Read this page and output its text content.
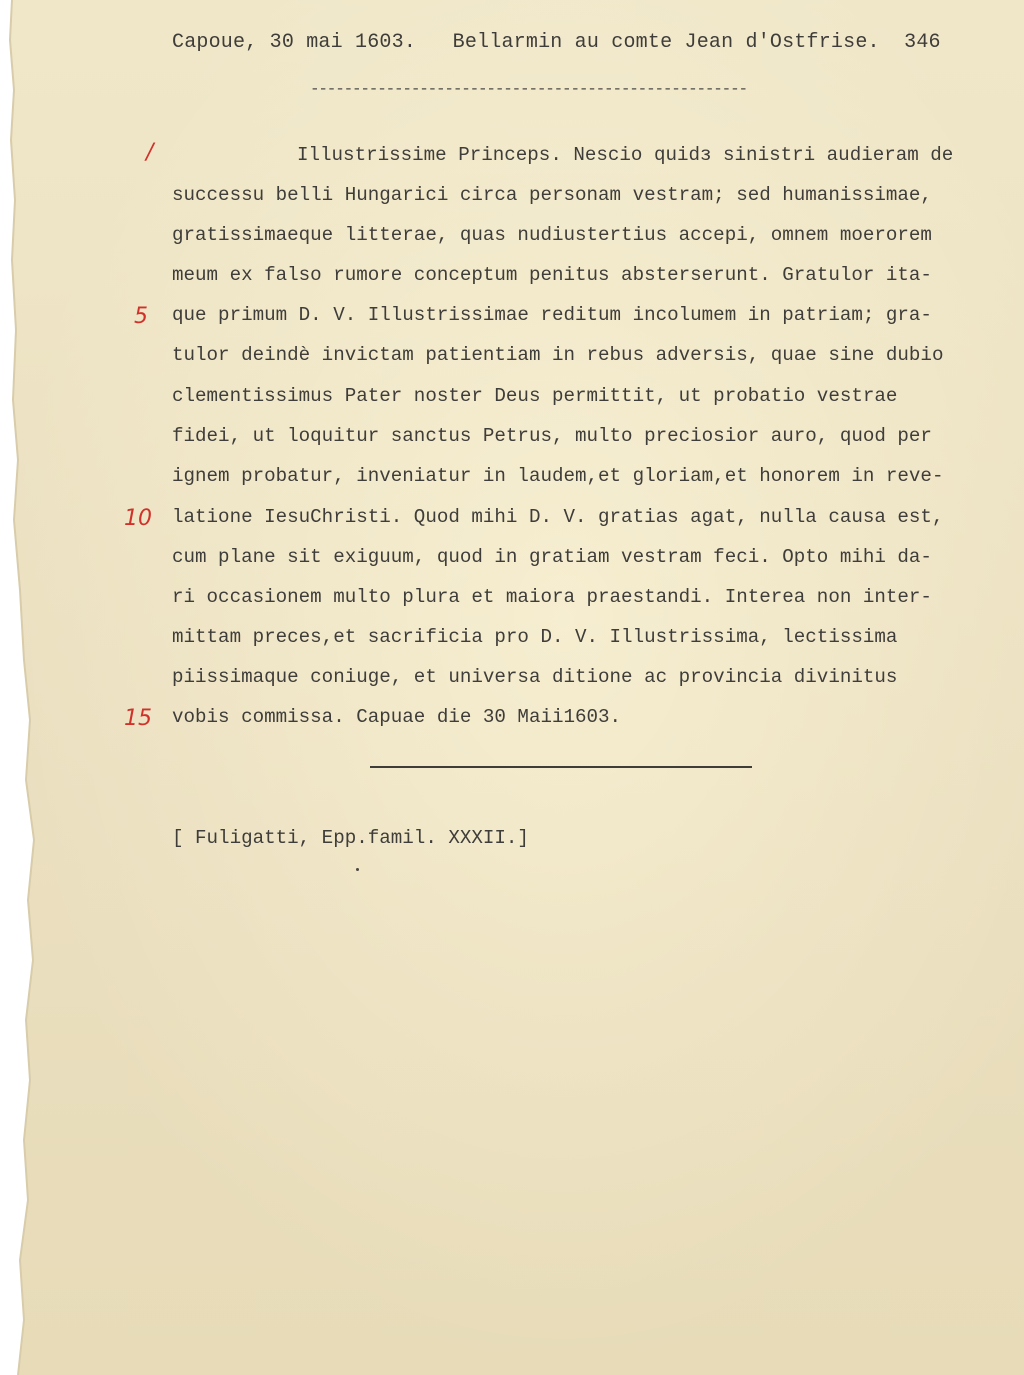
Capoue, 30 mai 1603. Bellarmin au comte Jean d'Ostfrise. 346
----------------------------------------------------
Illustrissime Princeps. Nescio quidз sinistri audieram de
successu belli Hungarici circa personam vestram; sed humanissimae,
gratissimaeque litterae, quas nudiustertius accepi, omnem moerorem
meum ex falso rumore conceptum penitus absterserunt. Gratulor ita-
que primum D. V. Illustrissimae reditum incolumem in patriam; gra-
tulor deindè invictam patientiam in rebus adversis, quae sine dubio
clementissimus Pater noster Deus permittit, ut probatio vestrae
fidei, ut loquitur sanctus Petrus, multo preciosior auro, quod per
ignem probatur, inveniatur in laudem,et gloriam,et honorem in reve-
latione IesuChristi. Quod mihi D. V. gratias agat, nulla causa est,
cum plane sit exiguum, quod in gratiam vestram feci. Opto mihi da-
ri occasionem multo plura et maiora praestandi. Interea non inter-
mittam preces,et sacrificia pro D. V. Illustrissima, lectissima
piissimaque coniuge, et universa ditione ac provincia divinitus
vobis commissa. Capuae die 30 Maii1603.
/
5
10
15
[ Fuligatti, Epp.famil. XXXII.]
